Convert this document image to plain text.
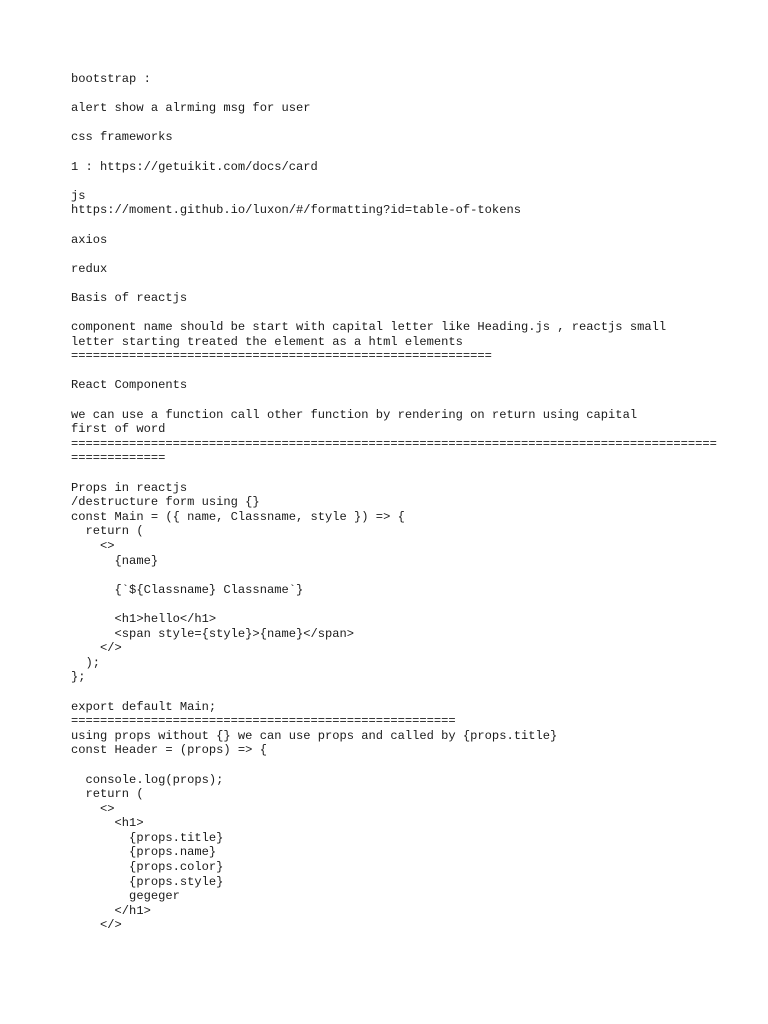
bootstrap :
alert show a alrming msg for user
css frameworks
1 : https://getuikit.com/docs/card
js
https://moment.github.io/luxon/#/formatting?id=table-of-tokens
axios
redux
Basis of reactjs
component name should be start with capital letter like Heading.js , reactjs small
letter starting treated the element as a html elements
==========================================================
React Components
we can use a function call other function by rendering on return using capital
first of word
=========================================================================================
=============
Props in reactjs
/destructure form using {}
const Main = ({ name, Classname, style }) => {
return (
<>
{name}
{`${Classname} Classname`}
<h1>hello</h1>
<span style={style}>{name}</span>
</>
);
};
export default Main;
=====================================================
using props without {} we can use props and called by {props.title}
const Header = (props) => {
console.log(props);
return (
<>
<h1>
{props.title}
{props.name}
{props.color}
{props.style}
gegeger
</h1>
</>
